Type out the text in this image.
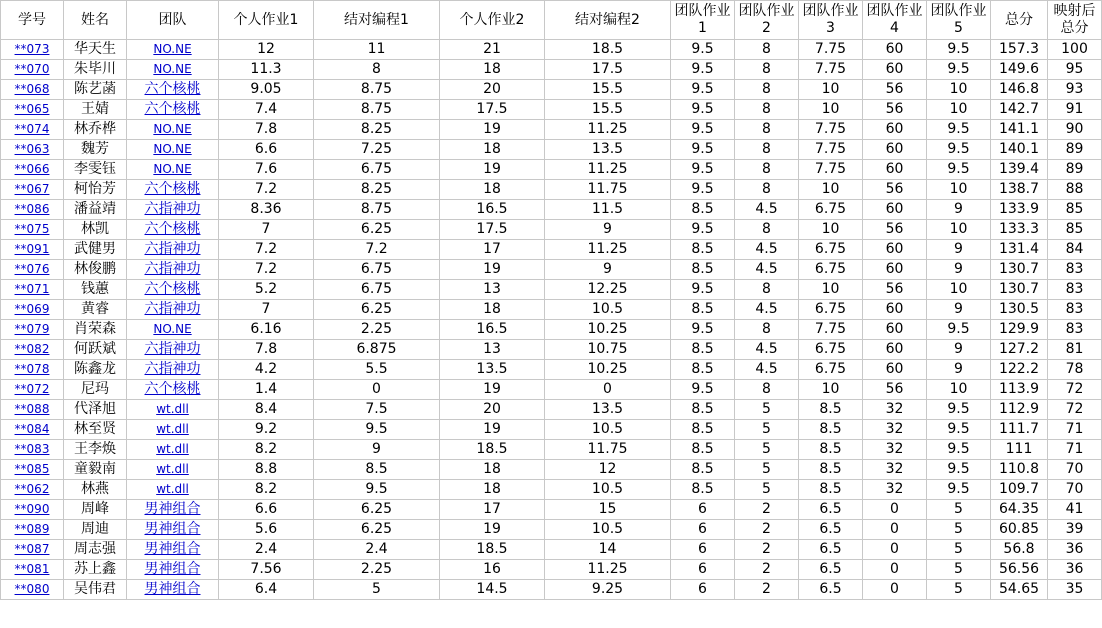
学号	姓名	团队	个人作业1	结对编程1	个人作业2	结对编程2	团队作业1	团队作业2	团队作业3	团队作业4	团队作业5	总分	映射后总分
**073	华天生	NO.NE	12	11	21	18.5	9.5	8	7.75	60	9.5	157.3	100
**070	朱毕川	NO.NE	11.3	8	18	17.5	9.5	8	7.75	60	9.5	149.6	95
**068	陈艺菡	六个核桃	9.05	8.75	20	15.5	9.5	8	10	56	10	146.8	93
**065	王婧	六个核桃	7.4	8.75	17.5	15.5	9.5	8	10	56	10	142.7	91
**074	林乔桦	NO.NE	7.8	8.25	19	11.25	9.5	8	7.75	60	9.5	141.1	90
**063	魏芳	NO.NE	6.6	7.25	18	13.5	9.5	8	7.75	60	9.5	140.1	89
**066	李雯钰	NO.NE	7.6	6.75	19	11.25	9.5	8	7.75	60	9.5	139.4	89
**067	柯怡芳	六个核桃	7.2	8.25	18	11.75	9.5	8	10	56	10	138.7	88
**086	潘益靖	六指神功	8.36	8.75	16.5	11.5	8.5	4.5	6.75	60	9	133.9	85
**075	林凯	六个核桃	7	6.25	17.5	9	9.5	8	10	56	10	133.3	85
**091	武健男	六指神功	7.2	7.2	17	11.25	8.5	4.5	6.75	60	9	131.4	84
**076	林俊鹏	六指神功	7.2	6.75	19	9	8.5	4.5	6.75	60	9	130.7	83
**071	钱蕙	六个核桃	5.2	6.75	13	12.25	9.5	8	10	56	10	130.7	83
**069	黄睿	六指神功	7	6.25	18	10.5	8.5	4.5	6.75	60	9	130.5	83
**079	肖荣森	NO.NE	6.16	2.25	16.5	10.25	9.5	8	7.75	60	9.5	129.9	83
**082	何跃斌	六指神功	7.8	6.875	13	10.75	8.5	4.5	6.75	60	9	127.2	81
**078	陈鑫龙	六指神功	4.2	5.5	13.5	10.25	8.5	4.5	6.75	60	9	122.2	78
**072	尼玛	六个核桃	1.4	0	19	0	9.5	8	10	56	10	113.9	72
**088	代泽旭	wt.dll	8.4	7.5	20	13.5	8.5	5	8.5	32	9.5	112.9	72
**084	林至贤	wt.dll	9.2	9.5	19	10.5	8.5	5	8.5	32	9.5	111.7	71
**083	王李焕	wt.dll	8.2	9	18.5	11.75	8.5	5	8.5	32	9.5	111	71
**085	童毅南	wt.dll	8.8	8.5	18	12	8.5	5	8.5	32	9.5	110.8	70
**062	林燕	wt.dll	8.2	9.5	18	10.5	8.5	5	8.5	32	9.5	109.7	70
**090	周峰	男神组合	6.6	6.25	17	15	6	2	6.5	0	5	64.35	41
**089	周迪	男神组合	5.6	6.25	19	10.5	6	2	6.5	0	5	60.85	39
**087	周志强	男神组合	2.4	2.4	18.5	14	6	2	6.5	0	5	56.8	36
**081	苏上鑫	男神组合	7.56	2.25	16	11.25	6	2	6.5	0	5	56.56	36
**080	吴伟君	男神组合	6.4	5	14.5	9.25	6	2	6.5	0	5	54.65	35
